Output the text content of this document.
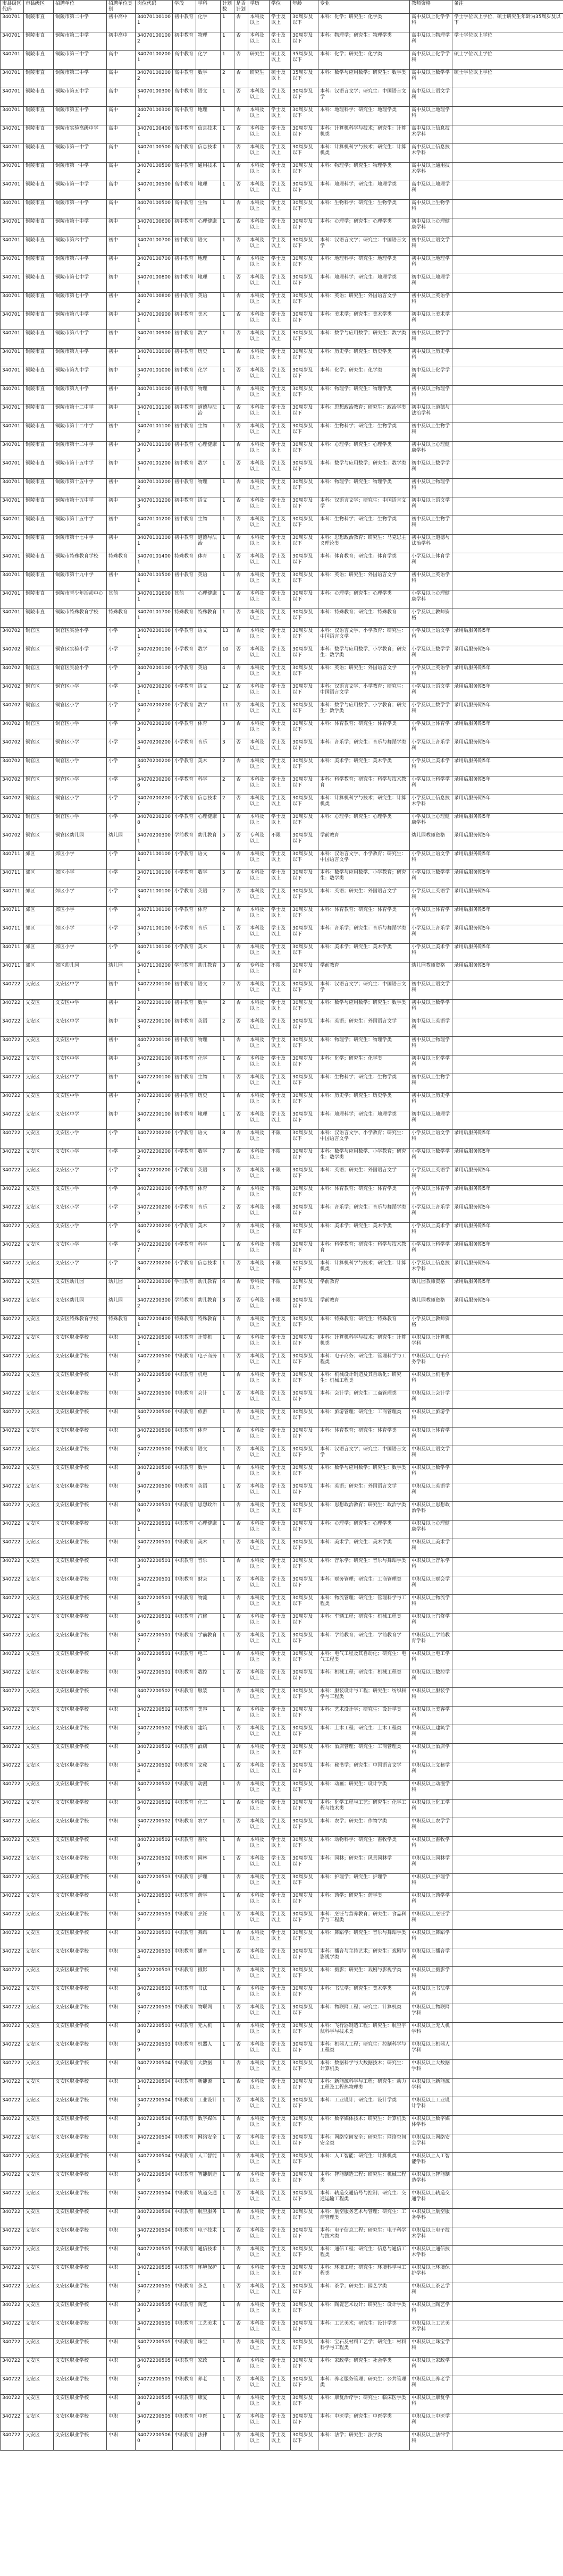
市县级区代码	市县级区	招聘单位	招聘单位类别	岗位代码	学段	学科	计划数	是否计划	学历	学位	年龄	专业	教师资格	备注
340701	铜陵市直	铜陵市第二中学	初中高中	340701001001	初中教育	化学	1	否	本科及以上	学士及以上	30周岁及以下	本科：化学；研究生：化学类	高中及以上化学学科	学士学位以上学位，硕士研究生年龄为35周岁及以下
340701	铜陵市直	铜陵市第二中学	初中高中	340701001002	初中教育	物理	1	否	本科及以上	学士及以上	30周岁及以下	本科：物理学；研究生：物理学类	高中及以上物理学科	学士学位以上学位
340701	铜陵市直	铜陵市第三中学	高中	340701002001	高中教育	化学	1	否	研究生	硕士及以上	35周岁及以下	本科：化学；研究生：化学类	高中及以上化学学科	硕士学位以上学位
340701	铜陵市直	铜陵市第三中学	高中	340701002002	高中教育	数学	2	否	研究生	硕士及以上	35周岁及以下	本科：数学与应用数学；研究生：数学类	高中及以上数学学科	硕士学位以上学位
340701	铜陵市直	铜陵市第五中学	高中	340701003001	高中教育	语文	1	否	本科及以上	学士及以上	30周岁及以下	本科：汉语言文学；研究生：中国语言文学	高中及以上语文学科	
340701	铜陵市直	铜陵市第五中学	高中	340701003002	高中教育	地理	1	否	本科及以上	学士及以上	30周岁及以下	本科：地理科学；研究生：地理学类	高中及以上地理学科	
340701	铜陵市直	铜陵市实验高级中学	高中	340701004001	高中教育	信息技术	1	否	本科及以上	学士及以上	30周岁及以下	本科：计算机科学与技术；研究生：计算机类	高中及以上信息技术学科	
340701	铜陵市直	铜陵市第一中学	高中	340701005001	高中教育	信息技术	1	否	本科及以上	学士及以上	30周岁及以下	本科：计算机科学与技术；研究生：计算机类	高中及以上信息技术学科	
340701	铜陵市直	铜陵市第一中学	高中	340701005002	高中教育	通用技术	1	否	本科及以上	学士及以上	30周岁及以下	本科：物理学；研究生：物理学类	高中及以上通用技术学科	
340701	铜陵市直	铜陵市第一中学	高中	340701005003	高中教育	地理	1	否	本科及以上	学士及以上	30周岁及以下	本科：地理科学；研究生：地理学类	高中及以上地理学科	
340701	铜陵市直	铜陵市第一中学	高中	340701005004	高中教育	生物	1	否	本科及以上	学士及以上	30周岁及以下	本科：生物科学；研究生：生物学类	高中及以上生物学科	
340701	铜陵市直	铜陵市第十中学	初中	340701006001	初中教育	心理健康	1	否	本科及以上	学士及以上	30周岁及以下	本科：心理学；研究生：心理学类	初中及以上心理健康学科	
340701	铜陵市直	铜陵市第六中学	初中	340701007001	初中教育	语文	1	否	本科及以上	学士及以上	30周岁及以下	本科：汉语言文学；研究生：中国语言文学	初中及以上语文学科	
340701	铜陵市直	铜陵市第六中学	初中	340701007002	初中教育	地理	1	否	本科及以上	学士及以上	30周岁及以下	本科：地理科学；研究生：地理学类	初中及以上地理学科	
340701	铜陵市直	铜陵市第七中学	初中	340701008001	初中教育	地理	1	否	本科及以上	学士及以上	30周岁及以下	本科：地理科学；研究生：地理学类	初中及以上地理学科	
340701	铜陵市直	铜陵市第七中学	初中	340701008002	初中教育	英语	1	否	本科及以上	学士及以上	30周岁及以下	本科：英语；研究生：外国语言文学	初中及以上英语学科	
340701	铜陵市直	铜陵市第八中学	初中	340701009001	初中教育	美术	1	否	本科及以上	学士及以上	30周岁及以下	本科：美术学；研究生：美术学类	初中及以上美术学科	
340701	铜陵市直	铜陵市第八中学	初中	340701009002	初中教育	数学	1	否	本科及以上	学士及以上	30周岁及以下	本科：数学与应用数学；研究生：数学类	初中及以上数学学科	
340701	铜陵市直	铜陵市第九中学	初中	340701010001	初中教育	历史	1	否	本科及以上	学士及以上	30周岁及以下	本科：历史学；研究生：历史学类	初中及以上历史学科	
340701	铜陵市直	铜陵市第九中学	初中	340701010002	初中教育	化学	1	否	本科及以上	学士及以上	30周岁及以下	本科：化学；研究生：化学类	初中及以上化学学科	
340701	铜陵市直	铜陵市第九中学	初中	340701010003	初中教育	物理	1	否	本科及以上	学士及以上	30周岁及以下	本科：物理学；研究生：物理学类	初中及以上物理学科	
340701	铜陵市直	铜陵市第十二中学	初中	340701011001	初中教育	道德与法治	1	否	本科及以上	学士及以上	30周岁及以下	本科：思想政治教育；研究生：政治学类	初中及以上道德与法治学科	
340701	铜陵市直	铜陵市第十二中学	初中	340701011002	初中教育	生物	1	否	本科及以上	学士及以上	30周岁及以下	本科：生物科学；研究生：生物学类	初中及以上生物学科	
340701	铜陵市直	铜陵市第十二中学	初中	340701011003	初中教育	心理健康	1	否	本科及以上	学士及以上	30周岁及以下	本科：心理学；研究生：心理学类	初中及以上心理健康学科	
340701	铜陵市直	铜陵市第十五中学	初中	340701012001	初中教育	数学	1	否	本科及以上	学士及以上	30周岁及以下	本科：数学与应用数学；研究生：数学类	初中及以上数学学科	
340701	铜陵市直	铜陵市第十五中学	初中	340701012002	初中教育	物理	1	否	本科及以上	学士及以上	30周岁及以下	本科：物理学；研究生：物理学类	初中及以上物理学科	
340701	铜陵市直	铜陵市第十五中学	初中	340701012003	初中教育	语文	1	否	本科及以上	学士及以上	30周岁及以下	本科：汉语言文学；研究生：中国语言文学	初中及以上语文学科	
340701	铜陵市直	铜陵市第十五中学	初中	340701012004	初中教育	生物	1	否	本科及以上	学士及以上	30周岁及以下	本科：生物科学；研究生：生物学类	初中及以上生物学科	
340701	铜陵市直	铜陵市第十七中学	初中	340701013001	初中教育	道德与法治	1	否	本科及以上	学士及以上	30周岁及以下	本科：思想政治教育；研究生：马克思主义理论类	初中及以上道德与法治学科	
340701	铜陵市直	铜陵市特殊教育学校	特殊教育	340701014001	特殊教育	体育	1	否	本科及以上	学士及以上	30周岁及以下	本科：体育教育；研究生：体育学类	小学及以上体育学科	
340701	铜陵市直	铜陵市第十九中学	初中	340701015001	初中教育	英语	1	否	本科及以上	学士及以上	30周岁及以下	本科：英语；研究生：外国语言文学	初中及以上英语学科	
340701	铜陵市直	铜陵市青少年活动中心	其他	340701016001	其他	心理健康	1	否	本科及以上	学士及以上	30周岁及以下	本科：心理学；研究生：心理学类	小学及以上心理健康学科	
340701	铜陵市直	铜陵市特殊教育学校	特殊教育	340701017001	特殊教育	特殊教育	1	否	本科及以上	学士及以上	30周岁及以下	本科：特殊教育；研究生：特殊教育	小学及以上教师资格	
340702	铜官区	铜官区实验小学	小学	340702001001	小学教育	语文	13	否	本科及以上	学士及以上	30周岁及以下	本科：汉语言文学、小学教育；研究生：中国语言文学	小学及以上语文学科	录用后服务期5年
340702	铜官区	铜官区实验小学	小学	340702001002	小学教育	数学	10	否	本科及以上	学士及以上	30周岁及以下	本科：数学与应用数学、小学教育；研究生：数学类	小学及以上数学学科	录用后服务期5年
340702	铜官区	铜官区实验小学	小学	340702001003	小学教育	英语	4	否	本科及以上	学士及以上	30周岁及以下	本科：英语；研究生：外国语言文学	小学及以上英语学科	录用后服务期5年
340702	铜官区	铜官区小学	小学	340702002001	小学教育	语文	12	否	本科及以上	学士及以上	30周岁及以下	本科：汉语言文学、小学教育；研究生：中国语言文学	小学及以上语文学科	录用后服务期5年
340702	铜官区	铜官区小学	小学	340702002002	小学教育	数学	11	否	本科及以上	学士及以上	30周岁及以下	本科：数学与应用数学、小学教育；研究生：数学类	小学及以上数学学科	录用后服务期5年
340702	铜官区	铜官区小学	小学	340702002003	小学教育	体育	3	否	本科及以上	学士及以上	30周岁及以下	本科：体育教育；研究生：体育学类	小学及以上体育学科	录用后服务期5年
340702	铜官区	铜官区小学	小学	340702002004	小学教育	音乐	3	否	本科及以上	学士及以上	30周岁及以下	本科：音乐学；研究生：音乐与舞蹈学类	小学及以上音乐学科	录用后服务期5年
340702	铜官区	铜官区小学	小学	340702002005	小学教育	美术	2	否	本科及以上	学士及以上	30周岁及以下	本科：美术学；研究生：美术学类	小学及以上美术学科	录用后服务期5年
340702	铜官区	铜官区小学	小学	340702002006	小学教育	科学	2	否	本科及以上	学士及以上	30周岁及以下	本科：科学教育；研究生：科学与技术教育	小学及以上科学学科	录用后服务期5年
340702	铜官区	铜官区小学	小学	340702002007	小学教育	信息技术	2	否	本科及以上	学士及以上	30周岁及以下	本科：计算机科学与技术；研究生：计算机类	小学及以上信息技术学科	录用后服务期5年
340702	铜官区	铜官区小学	小学	340702002008	小学教育	心理健康	1	否	本科及以上	学士及以上	30周岁及以下	本科：心理学；研究生：心理学类	小学及以上心理健康学科	录用后服务期5年
340702	铜官区	铜官区幼儿园	幼儿园	340702003001	学前教育	幼儿教育	5	否	专科及以上	不限	30周岁及以下	学前教育	幼儿园教师资格	录用后服务期5年
340711	郊区	郊区小学	小学	340711001001	小学教育	语文	6	否	本科及以上	学士及以上	30周岁及以下	本科：汉语言文学、小学教育；研究生：中国语言文学	小学及以上语文学科	录用后服务期5年
340711	郊区	郊区小学	小学	340711001002	小学教育	数学	5	否	本科及以上	学士及以上	30周岁及以下	本科：数学与应用数学、小学教育；研究生：数学类	小学及以上数学学科	录用后服务期5年
340711	郊区	郊区小学	小学	340711001003	小学教育	英语	2	否	本科及以上	学士及以上	30周岁及以下	本科：英语；研究生：外国语言文学	小学及以上英语学科	录用后服务期5年
340711	郊区	郊区小学	小学	340711001004	小学教育	体育	2	否	本科及以上	学士及以上	30周岁及以下	本科：体育教育；研究生：体育学类	小学及以上体育学科	录用后服务期5年
340711	郊区	郊区小学	小学	340711001005	小学教育	音乐	1	否	本科及以上	学士及以上	30周岁及以下	本科：音乐学；研究生：音乐与舞蹈学类	小学及以上音乐学科	录用后服务期5年
340711	郊区	郊区小学	小学	340711001006	小学教育	美术	1	否	本科及以上	学士及以上	30周岁及以下	本科：美术学；研究生：美术学类	小学及以上美术学科	录用后服务期5年
340711	郊区	郊区幼儿园	幼儿园	340711002001	学前教育	幼儿教育	3	否	专科及以上	不限	30周岁及以下	学前教育	幼儿园教师资格	录用后服务期5年
340722	义安区	义安区中学	初中	340722001001	初中教育	语文	2	否	本科及以上	学士及以上	30周岁及以下	本科：汉语言文学；研究生：中国语言文学	初中及以上语文学科	
340722	义安区	义安区中学	初中	340722001002	初中教育	数学	2	否	本科及以上	学士及以上	30周岁及以下	本科：数学与应用数学；研究生：数学类	初中及以上数学学科	
340722	义安区	义安区中学	初中	340722001003	初中教育	英语	2	否	本科及以上	学士及以上	30周岁及以下	本科：英语；研究生：外国语言文学	初中及以上英语学科	
340722	义安区	义安区中学	初中	340722001004	初中教育	物理	1	否	本科及以上	学士及以上	30周岁及以下	本科：物理学；研究生：物理学类	初中及以上物理学科	
340722	义安区	义安区中学	初中	340722001005	初中教育	化学	1	否	本科及以上	学士及以上	30周岁及以下	本科：化学；研究生：化学类	初中及以上化学学科	
340722	义安区	义安区中学	初中	340722001006	初中教育	生物	1	否	本科及以上	学士及以上	30周岁及以下	本科：生物科学；研究生：生物学类	初中及以上生物学科	
340722	义安区	义安区中学	初中	340722001007	初中教育	历史	1	否	本科及以上	学士及以上	30周岁及以下	本科：历史学；研究生：历史学类	初中及以上历史学科	
340722	义安区	义安区中学	初中	340722001008	初中教育	地理	1	否	本科及以上	学士及以上	30周岁及以下	本科：地理科学；研究生：地理学类	初中及以上地理学科	
340722	义安区	义安区小学	小学	340722002001	小学教育	语文	8	否	本科及以上	不限	30周岁及以下	本科：汉语言文学、小学教育；研究生：中国语言文学	小学及以上语文学科	录用后服务期5年
340722	义安区	义安区小学	小学	340722002002	小学教育	数学	7	否	本科及以上	不限	30周岁及以下	本科：数学与应用数学、小学教育；研究生：数学类	小学及以上数学学科	录用后服务期5年
340722	义安区	义安区小学	小学	340722002003	小学教育	英语	3	否	本科及以上	不限	30周岁及以下	本科：英语；研究生：外国语言文学	小学及以上英语学科	录用后服务期5年
340722	义安区	义安区小学	小学	340722002004	小学教育	体育	2	否	本科及以上	不限	30周岁及以下	本科：体育教育；研究生：体育学类	小学及以上体育学科	录用后服务期5年
340722	义安区	义安区小学	小学	340722002005	小学教育	音乐	2	否	本科及以上	不限	30周岁及以下	本科：音乐学；研究生：音乐与舞蹈学类	小学及以上音乐学科	录用后服务期5年
340722	义安区	义安区小学	小学	340722002006	小学教育	美术	2	否	本科及以上	不限	30周岁及以下	本科：美术学；研究生：美术学类	小学及以上美术学科	录用后服务期5年
340722	义安区	义安区小学	小学	340722002007	小学教育	科学	1	否	本科及以上	不限	30周岁及以下	本科：科学教育；研究生：科学与技术教育	小学及以上科学学科	录用后服务期5年
340722	义安区	义安区小学	小学	340722002008	小学教育	信息技术	1	否	本科及以上	不限	30周岁及以下	本科：计算机科学与技术；研究生：计算机类	小学及以上信息技术学科	录用后服务期5年
340722	义安区	义安区幼儿园	幼儿园	340722003001	学前教育	幼儿教育	4	否	专科及以上	不限	30周岁及以下	学前教育	幼儿园教师资格	录用后服务期5年
340722	义安区	义安区幼儿园	幼儿园	340722003002	学前教育	幼儿教育	3	否	专科及以上	不限	30周岁及以下	学前教育	幼儿园教师资格	录用后服务期5年
340722	义安区	义安区特殊教育学校	特殊教育	340722004001	特殊教育	特殊教育	1	否	本科及以上	学士及以上	30周岁及以下	本科：特殊教育；研究生：特殊教育	小学及以上教师资格	
340722	义安区	义安区职业学校	中职	340722005001	中职教育	计算机	1	否	本科及以上	学士及以上	30周岁及以下	本科：计算机科学与技术；研究生：计算机类	中职及以上计算机学科	
340722	义安区	义安区职业学校	中职	340722005002	中职教育	电子商务	1	否	本科及以上	学士及以上	30周岁及以下	本科：电子商务；研究生：管理科学与工程类	中职及以上电子商务学科	
340722	义安区	义安区职业学校	中职	340722005003	中职教育	机电	1	否	本科及以上	学士及以上	30周岁及以下	本科：机械设计制造及其自动化；研究生：机械工程类	中职及以上机电学科	
340722	义安区	义安区职业学校	中职	340722005004	中职教育	会计	1	否	本科及以上	学士及以上	30周岁及以下	本科：会计学；研究生：工商管理类	中职及以上会计学科	
340722	义安区	义安区职业学校	中职	340722005005	中职教育	旅游	1	否	本科及以上	学士及以上	30周岁及以下	本科：旅游管理；研究生：工商管理类	中职及以上旅游学科	
340722	义安区	义安区职业学校	中职	340722005006	中职教育	体育	1	否	本科及以上	学士及以上	30周岁及以下	本科：体育教育；研究生：体育学类	中职及以上体育学科	
340722	义安区	义安区职业学校	中职	340722005007	中职教育	语文	1	否	本科及以上	学士及以上	30周岁及以下	本科：汉语言文学；研究生：中国语言文学	中职及以上语文学科	
340722	义安区	义安区职业学校	中职	340722005008	中职教育	数学	1	否	本科及以上	学士及以上	30周岁及以下	本科：数学与应用数学；研究生：数学类	中职及以上数学学科	
340722	义安区	义安区职业学校	中职	340722005009	中职教育	英语	1	否	本科及以上	学士及以上	30周岁及以下	本科：英语；研究生：外国语言文学	中职及以上英语学科	
340722	义安区	义安区职业学校	中职	340722005010	中职教育	思想政治	1	否	本科及以上	学士及以上	30周岁及以下	本科：思想政治教育；研究生：政治学类	中职及以上思想政治学科	
340722	义安区	义安区职业学校	中职	340722005011	中职教育	心理健康	1	否	本科及以上	学士及以上	30周岁及以下	本科：心理学；研究生：心理学类	中职及以上心理健康学科	
340722	义安区	义安区职业学校	中职	340722005012	中职教育	美术	1	否	本科及以上	学士及以上	30周岁及以下	本科：美术学；研究生：美术学类	中职及以上美术学科	
340722	义安区	义安区职业学校	中职	340722005013	中职教育	音乐	1	否	本科及以上	学士及以上	30周岁及以下	本科：音乐学；研究生：音乐与舞蹈学类	中职及以上音乐学科	
340722	义安区	义安区职业学校	中职	340722005014	中职教育	财会	1	否	本科及以上	学士及以上	30周岁及以下	本科：财务管理；研究生：工商管理类	中职及以上财会学科	
340722	义安区	义安区职业学校	中职	340722005015	中职教育	物流	1	否	本科及以上	学士及以上	30周岁及以下	本科：物流管理；研究生：管理科学与工程类	中职及以上物流学科	
340722	义安区	义安区职业学校	中职	340722005016	中职教育	汽修	1	否	本科及以上	学士及以上	30周岁及以下	本科：车辆工程；研究生：机械工程类	中职及以上汽修学科	
340722	义安区	义安区职业学校	中职	340722005017	中职教育	学前教育	1	否	本科及以上	学士及以上	30周岁及以下	本科：学前教育；研究生：学前教育学	中职及以上学前教育学科	
340722	义安区	义安区职业学校	中职	340722005018	中职教育	电工	1	否	本科及以上	学士及以上	30周岁及以下	本科：电气工程及其自动化；研究生：电气工程类	中职及以上电工学科	
340722	义安区	义安区职业学校	中职	340722005019	中职教育	数控	1	否	本科及以上	学士及以上	30周岁及以下	本科：机械工程；研究生：机械工程类	中职及以上数控学科	
340722	义安区	义安区职业学校	中职	340722005020	中职教育	服装	1	否	本科及以上	学士及以上	30周岁及以下	本科：服装设计与工程；研究生：纺织科学与工程类	中职及以上服装学科	
340722	义安区	义安区职业学校	中职	340722005021	中职教育	美容	1	否	本科及以上	学士及以上	30周岁及以下	本科：艺术设计学；研究生：设计学类	中职及以上美容学科	
340722	义安区	义安区职业学校	中职	340722005022	中职教育	建筑	1	否	本科及以上	学士及以上	30周岁及以下	本科：土木工程；研究生：土木工程类	中职及以上建筑学科	
340722	义安区	义安区职业学校	中职	340722005023	中职教育	酒店	1	否	本科及以上	学士及以上	30周岁及以下	本科：酒店管理；研究生：工商管理类	中职及以上酒店学科	
340722	义安区	义安区职业学校	中职	340722005024	中职教育	文秘	1	否	本科及以上	学士及以上	30周岁及以下	本科：秘书学；研究生：中国语言文学	中职及以上文秘学科	
340722	义安区	义安区职业学校	中职	340722005025	中职教育	动漫	1	否	本科及以上	学士及以上	30周岁及以下	本科：动画；研究生：设计学类	中职及以上动漫学科	
340722	义安区	义安区职业学校	中职	340722005026	中职教育	化工	1	否	本科及以上	学士及以上	30周岁及以下	本科：化学工程与工艺；研究生：化学工程与技术类	中职及以上化工学科	
340722	义安区	义安区职业学校	中职	340722005027	中职教育	农学	1	否	本科及以上	学士及以上	30周岁及以下	本科：农学；研究生：作物学类	中职及以上农学学科	
340722	义安区	义安区职业学校	中职	340722005028	中职教育	畜牧	1	否	本科及以上	学士及以上	30周岁及以下	本科：动物科学；研究生：畜牧学类	中职及以上畜牧学科	
340722	义安区	义安区职业学校	中职	340722005029	中职教育	园林	1	否	本科及以上	学士及以上	30周岁及以下	本科：园林；研究生：风景园林学	中职及以上园林学科	
340722	义安区	义安区职业学校	中职	340722005030	中职教育	护理	1	否	本科及以上	学士及以上	30周岁及以下	本科：护理学；研究生：护理学	中职及以上护理学科	
340722	义安区	义安区职业学校	中职	340722005031	中职教育	药学	1	否	本科及以上	学士及以上	30周岁及以下	本科：药学；研究生：药学类	中职及以上药学学科	
340722	义安区	义安区职业学校	中职	340722005032	中职教育	烹饪	1	否	本科及以上	学士及以上	30周岁及以下	本科：烹饪与营养教育；研究生：食品科学与工程类	中职及以上烹饪学科	
340722	义安区	义安区职业学校	中职	340722005033	中职教育	舞蹈	1	否	本科及以上	学士及以上	30周岁及以下	本科：舞蹈学；研究生：音乐与舞蹈学类	中职及以上舞蹈学科	
340722	义安区	义安区职业学校	中职	340722005034	中职教育	播音	1	否	本科及以上	学士及以上	30周岁及以下	本科：播音与主持艺术；研究生：戏剧与影视学类	中职及以上播音学科	
340722	义安区	义安区职业学校	中职	340722005035	中职教育	摄影	1	否	本科及以上	学士及以上	30周岁及以下	本科：摄影；研究生：戏剧与影视学类	中职及以上摄影学科	
340722	义安区	义安区职业学校	中职	340722005036	中职教育	书法	1	否	本科及以上	学士及以上	30周岁及以下	本科：书法学；研究生：美术学类	中职及以上书法学科	
340722	义安区	义安区职业学校	中职	340722005037	中职教育	物联网	1	否	本科及以上	学士及以上	30周岁及以下	本科：物联网工程；研究生：计算机类	中职及以上物联网学科	
340722	义安区	义安区职业学校	中职	340722005038	中职教育	无人机	1	否	本科及以上	学士及以上	30周岁及以下	本科：飞行器制造工程；研究生：航空宇航科学与技术类	中职及以上无人机学科	
340722	义安区	义安区职业学校	中职	340722005039	中职教育	机器人	1	否	本科及以上	学士及以上	30周岁及以下	本科：机器人工程；研究生：控制科学与工程类	中职及以上机器人学科	
340722	义安区	义安区职业学校	中职	340722005040	中职教育	大数据	1	否	本科及以上	学士及以上	30周岁及以下	本科：数据科学与大数据技术；研究生：计算机类	中职及以上大数据学科	
340722	义安区	义安区职业学校	中职	340722005041	中职教育	新能源	1	否	本科及以上	学士及以上	30周岁及以下	本科：新能源科学与工程；研究生：动力工程及工程热物理类	中职及以上新能源学科	
340722	义安区	义安区职业学校	中职	340722005042	中职教育	工业设计	1	否	本科及以上	学士及以上	30周岁及以下	本科：工业设计；研究生：设计学类	中职及以上工业设计学科	
340722	义安区	义安区职业学校	中职	340722005043	中职教育	数字媒体	1	否	本科及以上	学士及以上	30周岁及以下	本科：数字媒体技术；研究生：计算机类	中职及以上数字媒体学科	
340722	义安区	义安区职业学校	中职	340722005044	中职教育	网络安全	1	否	本科及以上	学士及以上	30周岁及以下	本科：网络空间安全；研究生：网络空间安全类	中职及以上网络安全学科	
340722	义安区	义安区职业学校	中职	340722005045	中职教育	人工智能	1	否	本科及以上	学士及以上	30周岁及以下	本科：人工智能；研究生：计算机类	中职及以上人工智能学科	
340722	义安区	义安区职业学校	中职	340722005046	中职教育	智能制造	1	否	本科及以上	学士及以上	30周岁及以下	本科：智能制造工程；研究生：机械工程类	中职及以上智能制造学科	
340722	义安区	义安区职业学校	中职	340722005047	中职教育	轨道交通	1	否	本科及以上	学士及以上	30周岁及以下	本科：轨道交通信号与控制；研究生：交通运输工程类	中职及以上轨道交通学科	
340722	义安区	义安区职业学校	中职	340722005048	中职教育	航空服务	1	否	本科及以上	学士及以上	30周岁及以下	本科：航空服务艺术与管理；研究生：工商管理类	中职及以上航空服务学科	
340722	义安区	义安区职业学校	中职	340722005049	中职教育	电子技术	1	否	本科及以上	学士及以上	30周岁及以下	本科：电子信息工程；研究生：电子科学与技术类	中职及以上电子技术学科	
340722	义安区	义安区职业学校	中职	340722005050	中职教育	通信技术	1	否	本科及以上	学士及以上	30周岁及以下	本科：通信工程；研究生：信息与通信工程类	中职及以上通信技术学科	
340722	义安区	义安区职业学校	中职	340722005051	中职教育	环境保护	1	否	本科及以上	学士及以上	30周岁及以下	本科：环境工程；研究生：环境科学与工程类	中职及以上环境保护学科	
340722	义安区	义安区职业学校	中职	340722005052	中职教育	茶艺	1	否	本科及以上	学士及以上	30周岁及以下	本科：茶学；研究生：园艺学类	中职及以上茶艺学科	
340722	义安区	义安区职业学校	中职	340722005053	中职教育	陶艺	1	否	本科及以上	学士及以上	30周岁及以下	本科：陶瓷艺术设计；研究生：设计学类	中职及以上陶艺学科	
340722	义安区	义安区职业学校	中职	340722005054	中职教育	工艺美术	1	否	本科及以上	学士及以上	30周岁及以下	本科：工艺美术；研究生：设计学类	中职及以上工艺美术学科	
340722	义安区	义安区职业学校	中职	340722005055	中职教育	珠宝	1	否	本科及以上	学士及以上	30周岁及以下	本科：宝石及材料工艺学；研究生：材料科学与工程类	中职及以上珠宝学科	
340722	义安区	义安区职业学校	中职	340722005056	中职教育	家政	1	否	本科及以上	学士及以上	30周岁及以下	本科：家政学；研究生：社会学类	中职及以上家政学科	
340722	义安区	义安区职业学校	中职	340722005057	中职教育	养老	1	否	本科及以上	学士及以上	30周岁及以下	本科：养老服务管理；研究生：公共管理类	中职及以上养老学科	
340722	义安区	义安区职业学校	中职	340722005058	中职教育	康复	1	否	本科及以上	学士及以上	30周岁及以下	本科：康复治疗学；研究生：临床医学类	中职及以上康复学科	
340722	义安区	义安区职业学校	中职	340722005059	中职教育	中医	1	否	本科及以上	学士及以上	30周岁及以下	本科：中医学；研究生：中医学类	中职及以上中医学科	
340722	义安区	义安区职业学校	中职	340722005060	中职教育	法律	1	否	本科及以上	学士及以上	30周岁及以下	本科：法学；研究生：法学类	中职及以上法律学科	
